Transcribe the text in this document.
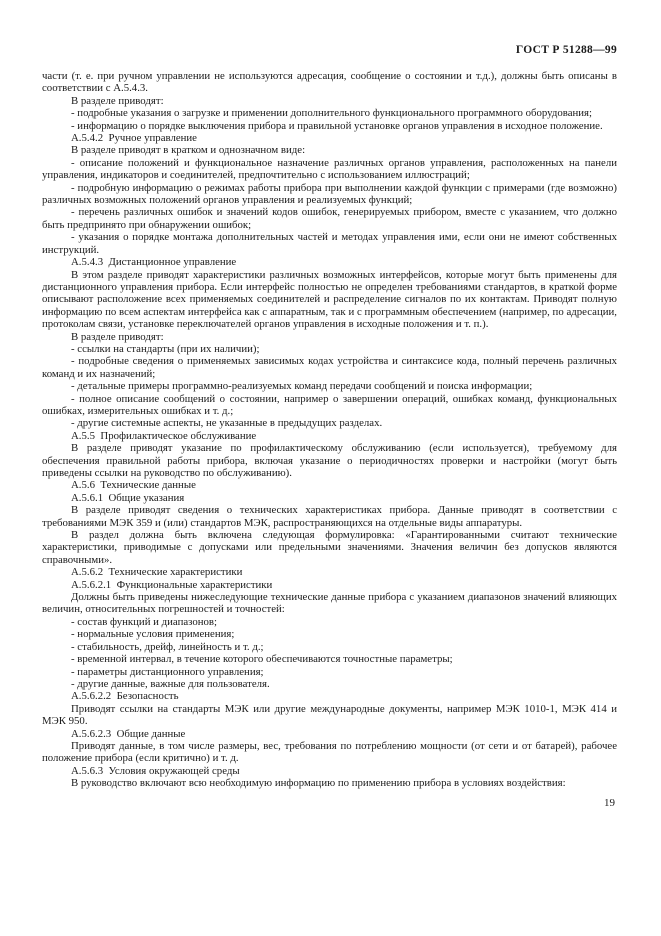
ГОСТ Р 51288—99

части (т. е. при ручном управлении не используются адресация, сообщение о состоянии и т.д.), должны быть описаны в соответствии с А.5.4.3.

В разделе приводят:

- подробные указания о загрузке и применении дополнительного функционального программного оборудования;

- информацию о порядке выключения прибора и правильной установке органов управления в исходное положение.

А.5.4.2  Ручное управление

В разделе приводят в кратком и однозначном виде:

- описание положений и функциональное назначение различных органов управления, расположенных на панели управления, индикаторов и соединителей, предпочтительно с использованием иллюстраций;

- подробную информацию о режимах работы прибора при выполнении каждой функции с примерами (где возможно) различных возможных положений органов управления и реализуемых функций;

- перечень различных ошибок и значений кодов ошибок, генерируемых прибором, вместе с указанием, что должно быть предпринято при обнаружении ошибок;

- указания о порядке монтажа дополнительных частей и методах управления ими, если они не имеют собственных инструкций.

А.5.4.3  Дистанционное управление

В этом разделе приводят характеристики различных возможных интерфейсов, которые могут быть применены для дистанционного управления прибора. Если интерфейс полностью не определен требованиями стандартов, в краткой форме описывают расположение всех применяемых соединителей и распределение сигналов по их контактам. Приводят полную информацию по всем аспектам интерфейса как с аппаратным, так и с программным обеспечением (например, по адресации, протоколам связи, установке переключателей органов управления в исходные положения и т. п.).

В разделе приводят:

- ссылки на стандарты (при их наличии);

- подробные сведения о применяемых зависимых кодах устройства и синтаксисе кода, полный перечень различных команд и их назначений;

- детальные примеры программно-реализуемых команд передачи сообщений и поиска информации;

- полное описание сообщений о состоянии, например о завершении операций, ошибках команд, функциональных ошибках, измерительных ошибках и т. д.;

- другие системные аспекты, не указанные в предыдущих разделах.

А.5.5  Профилактическое обслуживание

В разделе приводят указание по профилактическому обслуживанию (если используется), требуемому для обеспечения правильной работы прибора, включая указание о периодичностях проверки и настройки (могут быть приведены ссылки на руководство по обслуживанию).

А.5.6  Технические данные

А.5.6.1  Общие указания

В разделе приводят сведения о технических характеристиках прибора. Данные приводят в соответствии с требованиями МЭК 359 и (или) стандартов МЭК, распространяющихся на отдельные виды аппаратуры.

В раздел должна быть включена следующая формулировка: «Гарантированными считают технические характеристики, приводимые с допусками или предельными значениями. Значения величин без допусков являются справочными».

А.5.6.2  Технические характеристики

А.5.6.2.1  Функциональные характеристики

Должны быть приведены нижеследующие технические данные прибора с указанием диапазонов значений влияющих величин, относительных погрешностей и точностей:

- состав функций и диапазонов;

- нормальные условия применения;

- стабильность, дрейф, линейность и т. д.;

- временной интервал, в течение которого обеспечиваются точностные параметры;

- параметры дистанционного управления;

- другие данные, важные для пользователя.

А.5.6.2.2  Безопасность

Приводят ссылки на стандарты МЭК или другие международные документы, например МЭК 1010-1, МЭК 414 и МЭК 950.

А.5.6.2.3  Общие данные

Приводят данные, в том числе размеры, вес, требования по потреблению мощности (от сети и от батарей), рабочее положение прибора (если критично) и т. д.

А.5.6.3  Условия окружающей среды

В руководство включают всю необходимую информацию по применению прибора в условиях воздействия:

19
